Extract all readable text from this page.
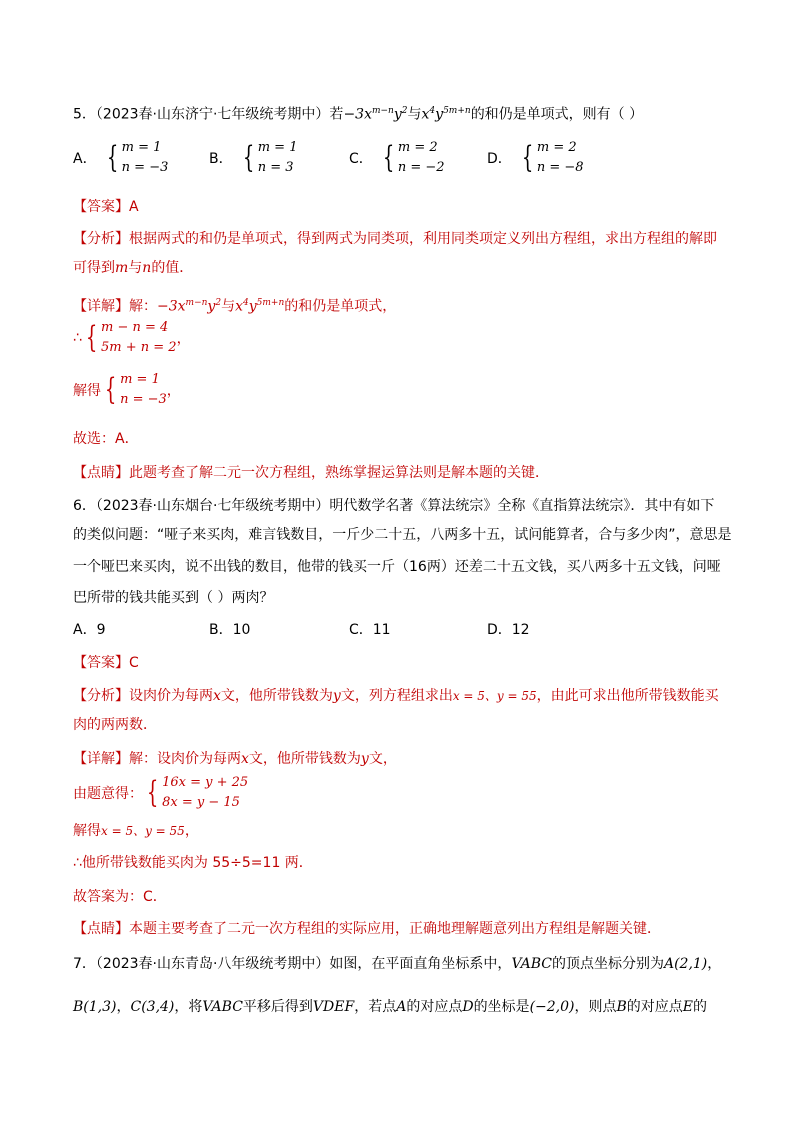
5．（2023春·山东济宁·七年级统考期中）若$-3x^{m-n}y^2$与$x^4y^{5m+n}$的和仍是单项式，则有（ ）
A． { m = 1
n = −3
B． { m = 1
n = 3
C． { m = 2
n = −2
D． { m = 2
n = −8
【答案】A
【分析】根据两式的和仍是单项式，得到两式为同类项，利用同类项定义列出方程组，求出方程组的解即
可得到m与n的值．
【详解】解：$-3x^{m-n}y^2$与$x^4y^{5m+n}$的和仍是单项式，
∴ { m − n = 4
5m + n = 2
，
解得 { m = 1
n = −3
，
故选：A．
【点睛】此题考查了解二元一次方程组，熟练掌握运算法则是解本题的关键．
6．（2023春·山东烟台·七年级统考期中）明代数学名著《算法统宗》全称《直指算法统宗》．其中有如下
的类似问题：“哑子来买肉，难言钱数目，一斤少二十五，八两多十五，试问能算者，合与多少肉”，意思是
一个哑巴来买肉，说不出钱的数目，他带的钱买一斤（16两）还差二十五文钱，买八两多十五文钱，问哑
巴所带的钱共能买到（ ）两肉？
A．9	B．10	C．11	D．12
【答案】C
【分析】设肉价为每两x文，他所带钱数为y文，列方程组求出x = 5、y = 55，由此可求出他所带钱数能买
肉的两两数．
【详解】解：设肉价为每两x文，他所带钱数为y文，
由题意得： { 16x = y + 25
8x = y − 15
解得x = 5、y = 55，
∴他所带钱数能买肉为 55÷5=11 两．
故答案为：C．
【点睛】本题主要考查了二元一次方程组的实际应用，正确地理解题意列出方程组是解题关键．
7．（2023春·山东青岛·八年级统考期中）如图，在平面直角坐标系中，VABC的顶点坐标分别为A(2,1)，
B(1,3)，C(3,4)，将VABC平移后得到VDEF，若点A的对应点D的坐标是(−2,0)，则点B的对应点E的
